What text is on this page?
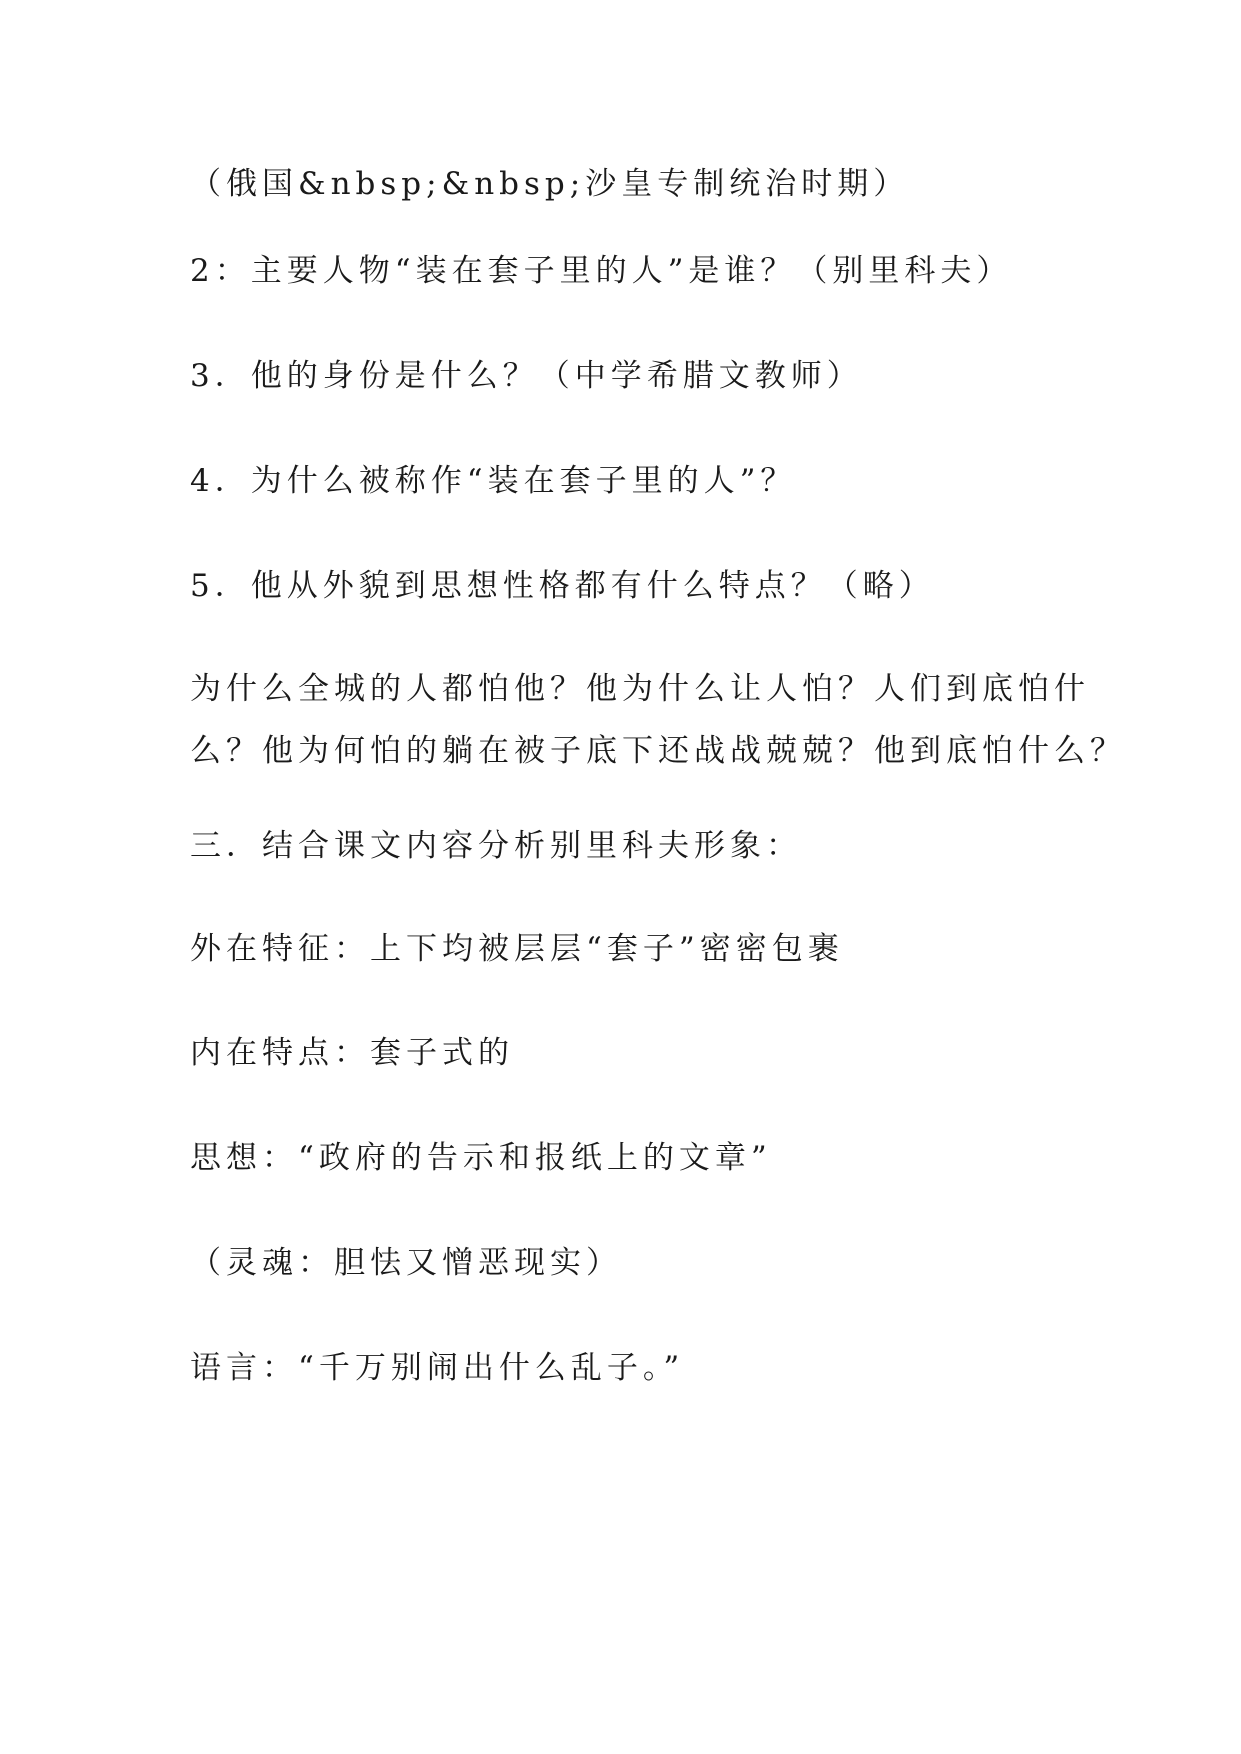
（俄国&nbsp;&nbsp;沙皇专制统治时期）
2：主要人物“装在套子里的人”是谁？（别里科夫）
3．他的身份是什么？（中学希腊文教师）
4．为什么被称作“装在套子里的人”？
5．他从外貌到思想性格都有什么特点？（略）
为什么全城的人都怕他？他为什么让人怕？人们到底怕什
么？他为何怕的躺在被子底下还战战兢兢？他到底怕什么？
三．结合课文内容分析别里科夫形象：
外在特征：上下均被层层“套子”密密包裹
内在特点：套子式的
思想：“政府的告示和报纸上的文章”
（灵魂：胆怯又憎恶现实）
语言：“千万别闹出什么乱子。”
